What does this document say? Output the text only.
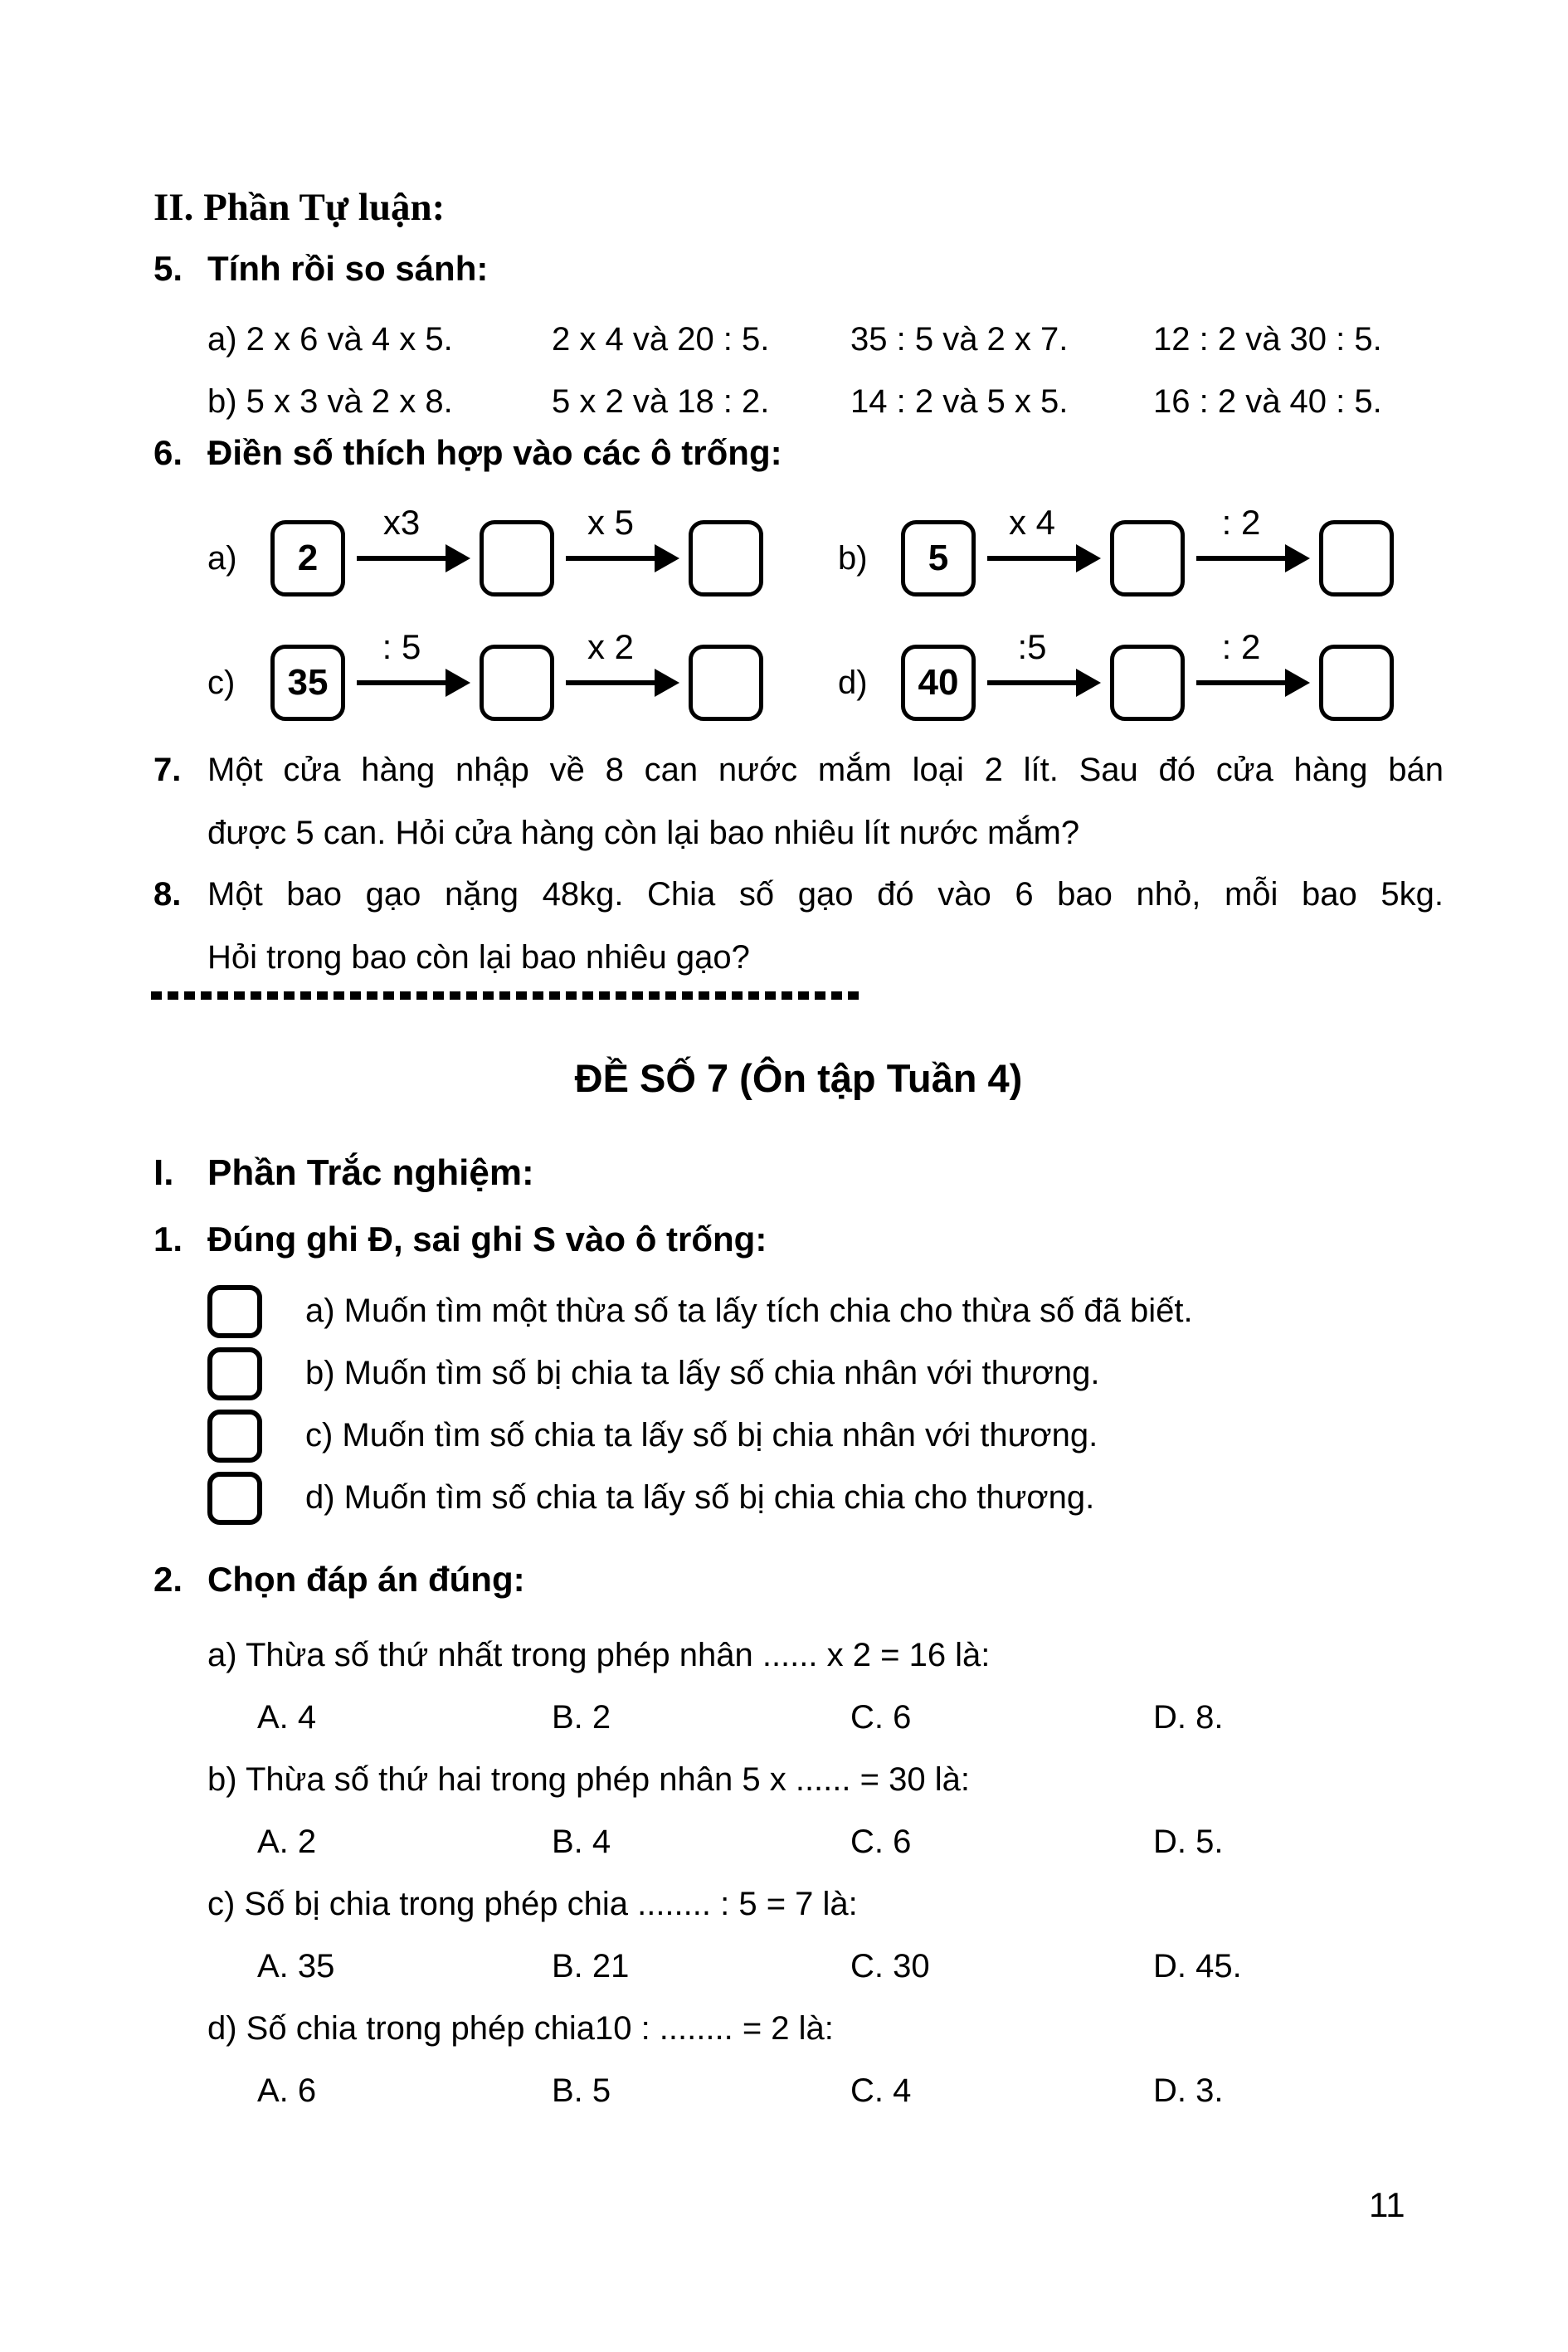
II. Phần Tự luận:
5. Tính rồi so sánh:
a) 2 x 6 và 4 x 5.	2 x 4 và 20 : 5.	35 : 5 và 2 x 7.	12 : 2 và 30 : 5.
b) 5 x 3 và 2 x 8.	5 x 2 và 18 : 2.	14 : 2 và 5 x 5.	16 : 2 và 40 : 5.
6. Điền số thích hợp vào các ô trống:
a)	2
x3	x 5
b)	5
x 4	: 2
c)	35
: 5	x 2
d)	40
:5	: 2
7. Một cửa hàng nhập về 8 can nước mắm loại 2 lít. Sau đó cửa hàng bán
được 5 can. Hỏi cửa hàng còn lại bao nhiêu lít nước mắm?
8. Một bao gạo nặng 48kg. Chia số gạo đó vào 6 bao nhỏ, mỗi bao 5kg.
Hỏi trong bao còn lại bao nhiêu gạo?
ĐỀ SỐ 7 (Ôn tập Tuần 4)
I. Phần Trắc nghiệm:
1. Đúng ghi Đ, sai ghi S vào ô trống:
a) Muốn tìm một thừa số ta lấy tích chia cho thừa số đã biết.
b) Muốn tìm số bị chia ta lấy số chia nhân với thương.
c) Muốn tìm số chia ta lấy số bị chia nhân với thương.
d) Muốn tìm số chia ta lấy số bị chia chia cho thương.
2. Chọn đáp án đúng:
a) Thừa số thứ nhất trong phép nhân ...... x 2 = 16 là:
A. 4	B. 2	C. 6	D. 8.
b) Thừa số thứ hai trong phép nhân 5 x ...... = 30 là:
A. 2	B. 4	C. 6	D. 5.
c) Số bị chia trong phép chia ........ : 5 = 7 là:
A. 35	B. 21	C. 30	D. 45.
d) Số chia trong phép chia10 : ........ = 2 là:
A. 6	B. 5	C. 4	D. 3.
11
